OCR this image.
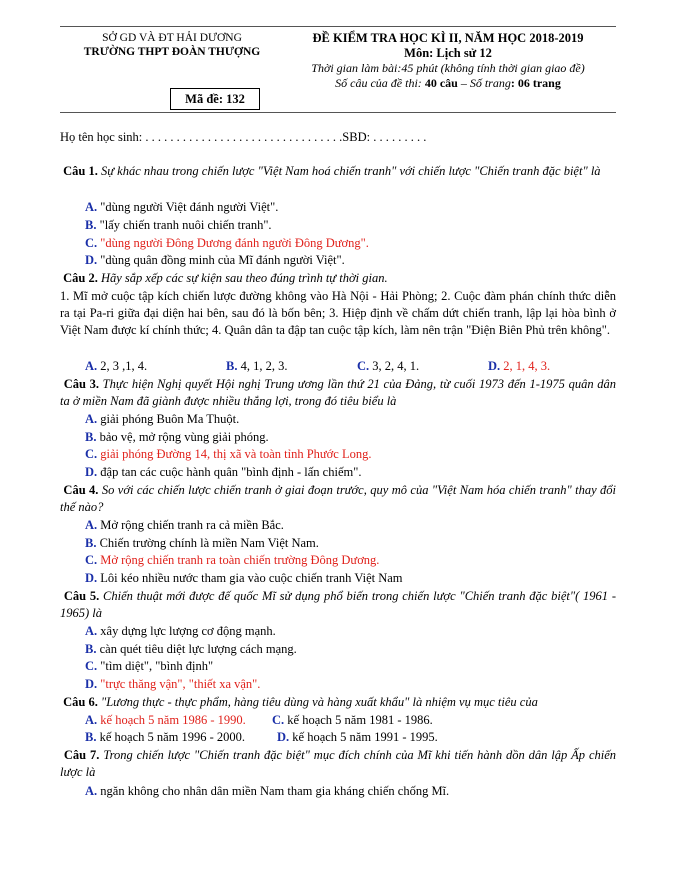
SỞ GD VÀ ĐT HẢI DƯƠNG
TRƯỜNG THPT ĐOÀN THƯỢNG
ĐỀ KIỂM TRA HỌC KÌ II, NĂM HỌC 2018-2019
Môn: Lịch sử 12
Thời gian làm bài:45 phút (không tính thời gian giao đề)
Số câu của đề thi: 40 câu – Số trang: 06 trang
Mã đề: 132
Họ tên học sinh: . . . . . . . . . . . . . . . . . . . . . . . . . . . . . . . .SBD: . . . . . . . . .
Câu 1. Sự khác nhau trong chiến lược "Việt Nam hoá chiến tranh" với chiến lược "Chiến tranh đặc biệt" là
A. "dùng người Việt đánh người Việt".
B. "lấy chiến tranh nuôi chiến tranh".
C. "dùng người Đông Dương đánh người Đông Dương".
D. "dùng quân đồng minh của Mĩ đánh người Việt".
Câu 2. Hãy sắp xếp các sự kiện sau theo đúng trình tự thời gian.
1. Mĩ mở cuộc tập kích chiến lược đường không vào Hà Nội - Hải Phòng; 2. Cuộc đàm phán chính thức diễn ra tại Pa-ri giữa đại diện hai bên, sau đó là bốn bên; 3. Hiệp định về chấm dứt chiến tranh, lập lại hòa bình ở Việt Nam được kí chính thức; 4. Quân dân ta đập tan cuộc tập kích, làm nên trận "Điện Biên Phủ trên không".
A. 2, 3 ,1, 4.	B. 4, 1, 2, 3.	C. 3, 2, 4, 1.	D. 2, 1, 4, 3.
Câu 3. Thực hiện Nghị quyết Hội nghị Trung ương lần thứ 21 của Đảng, từ cuối 1973 đến 1-1975 quân dân ta ở miền Nam đã giành được nhiều thắng lợi, trong đó tiêu biểu là
A. giải phóng Buôn Ma Thuột.
B. bảo vệ, mở rộng vùng giải phóng.
C. giải phóng Đường 14, thị xã và toàn tỉnh Phước Long.
D. đập tan các cuộc hành quân "bình định - lấn chiếm".
Câu 4. So với các chiến lược chiến tranh ở giai đoạn trước, quy mô của "Việt Nam hóa chiến tranh" thay đổi thế nào?
A. Mở rộng chiến tranh ra cả miền Bắc.
B. Chiến trường chính là miền Nam Việt Nam.
C. Mở rộng chiến tranh ra toàn chiến trường Đông Dương.
D. Lôi kéo nhiều nước tham gia vào cuộc chiến tranh Việt Nam
Câu 5. Chiến thuật mới được đế quốc Mĩ sử dụng phổ biến trong chiến lược "Chiến tranh đặc biệt"( 1961 - 1965) là
A. xây dựng lực lượng cơ động mạnh.
B. càn quét tiêu diệt lực lượng cách mạng.
C. "tìm diệt", "bình định"
D. "trực thăng vận", "thiết xa vận".
Câu 6. "Lương thực - thực phẩm, hàng tiêu dùng và hàng xuất khẩu" là nhiệm vụ mục tiêu của
A. kế hoạch 5 năm 1986 - 1990. C. kế hoạch 5 năm 1981 - 1986.
B. kế hoạch 5 năm 1996 - 2000.	D. kế hoạch 5 năm 1991 - 1995.
Câu 7. Trong chiến lược "Chiến tranh đặc biệt" mục đích chính của Mĩ khi tiến hành dồn dân lập Ấp chiến lược là
A. ngăn không cho nhân dân miền Nam tham gia kháng chiến chống Mĩ.
